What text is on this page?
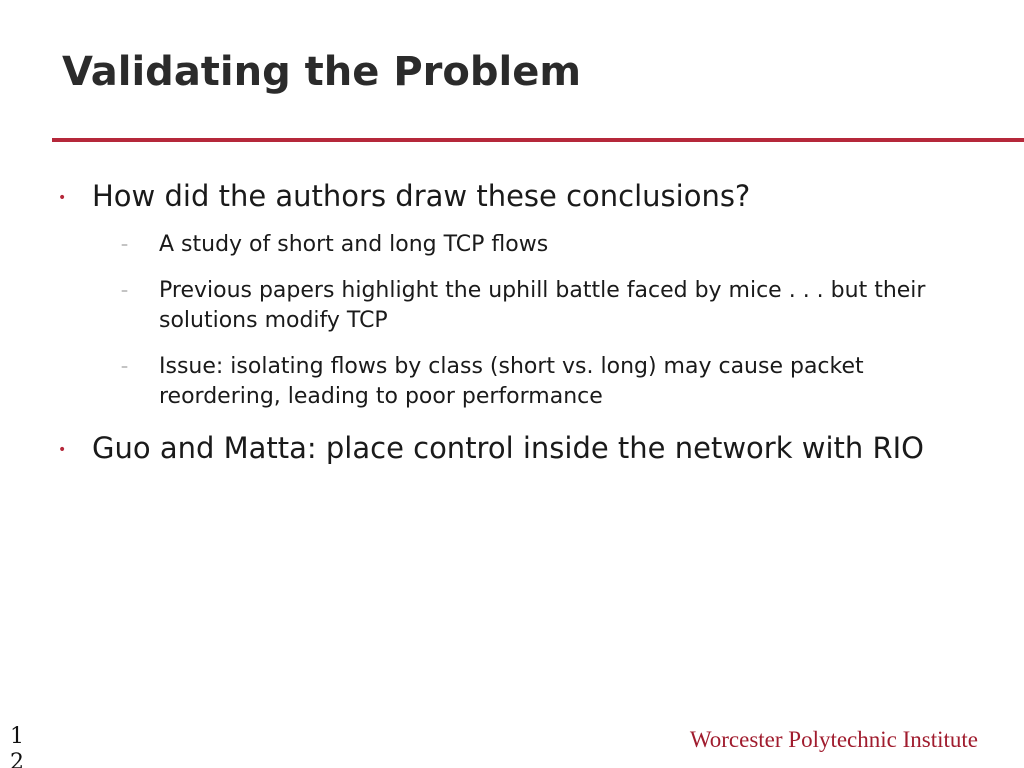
Validating the Problem
• How did the authors draw these conclusions?
– A study of short and long TCP flows
– Previous papers highlight the uphill battle faced by mice . . . but their solutions modify TCP
– Issue: isolating flows by class (short vs. long) may cause packet reordering, leading to poor performance
• Guo and Matta: place control inside the network with RIO
12
Worcester Polytechnic Institute
